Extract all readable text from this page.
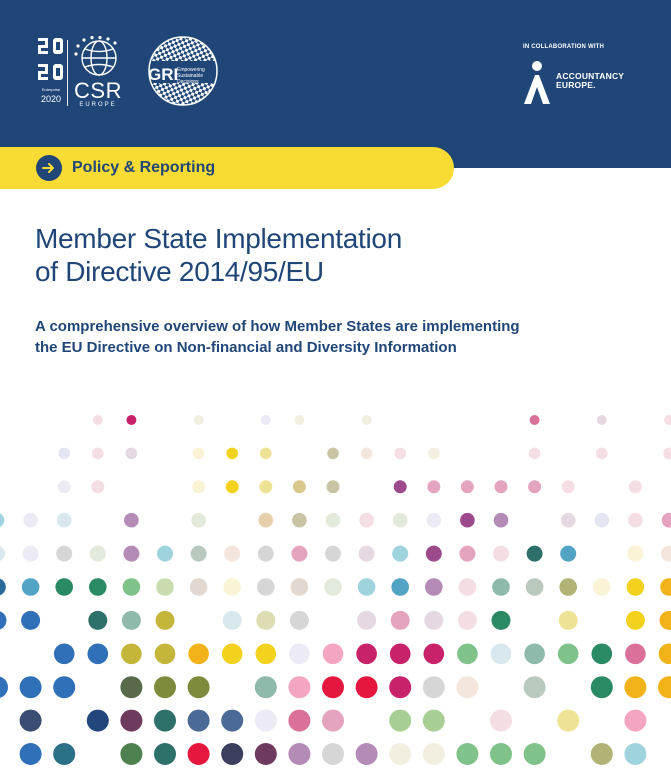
Enterprise
2020 CSR
EUROPE
GRI
Empowering Sustainable Decisions
IN COLLABORATION WITH
ACCOUNTANCY
EUROPE.
Policy & Reporting
Member State Implementation
of Directive 2014/95/EU
A comprehensive overview of how Member States are implementing
the EU Directive on Non-financial and Diversity Information
